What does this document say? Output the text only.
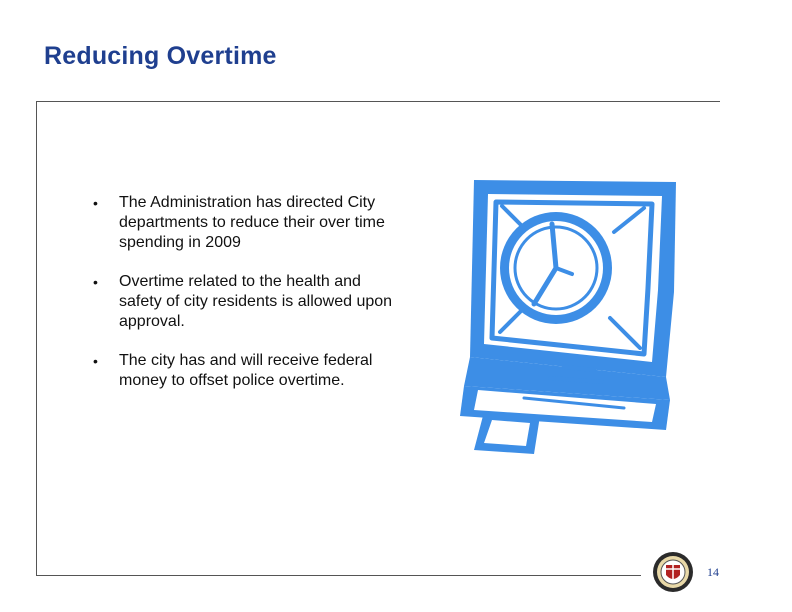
Reducing Overtime
• The Administration has directed City departments to reduce their over time spending in 2009
• Overtime related to the health and safety of city residents is allowed upon approval.
• The city has and will receive federal money to offset police overtime.
14
